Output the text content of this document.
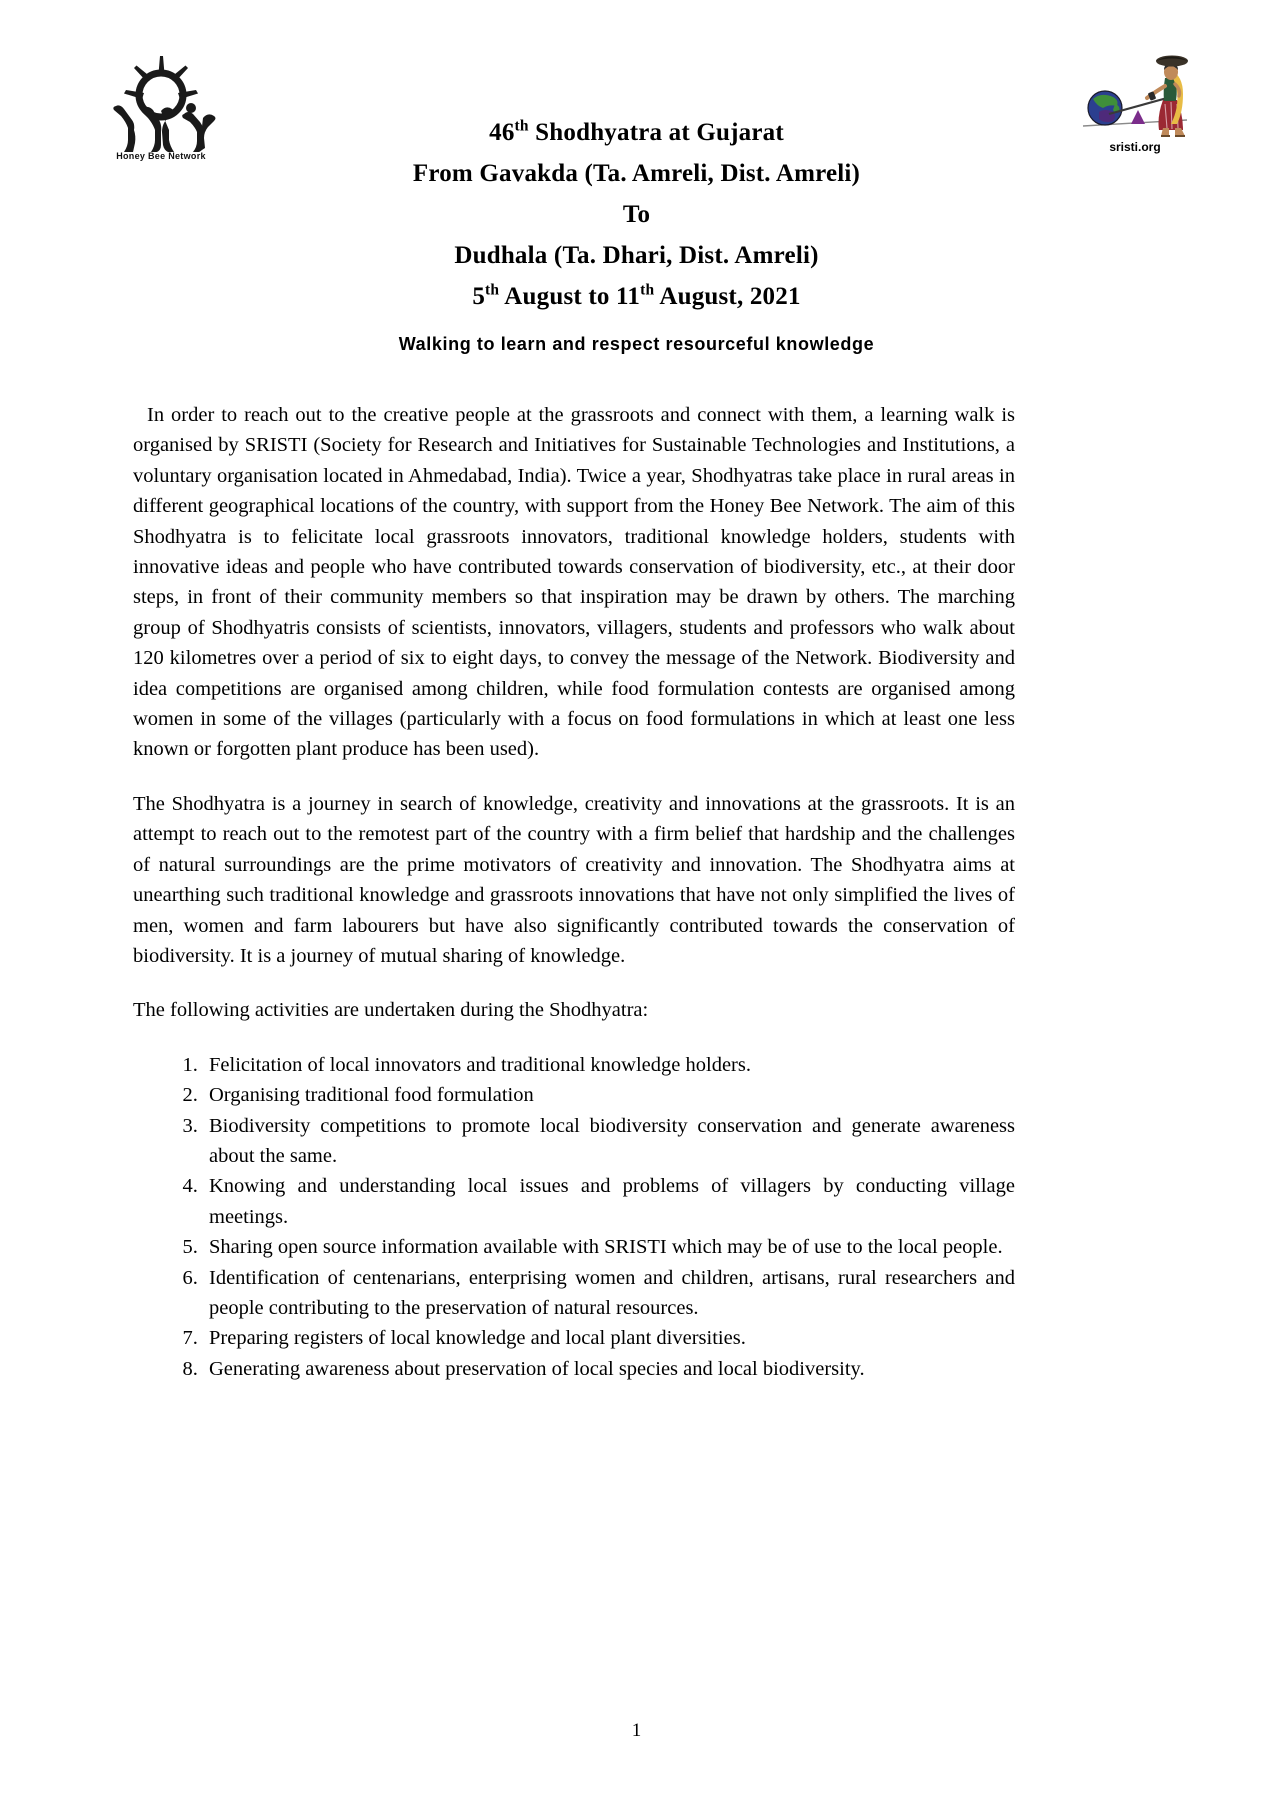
Honey Bee Network
sristi.org
46th Shodhyatra at Gujarat
From Gavakda (Ta. Amreli, Dist. Amreli)
To
Dudhala (Ta. Dhari, Dist. Amreli)
5th August to 11th August, 2021
Walking to learn and respect resourceful knowledge

In order to reach out to the creative people at the grassroots and connect with them, a learning walk is organised by SRISTI (Society for Research and Initiatives for Sustainable Technologies and Institutions, a voluntary organisation located in Ahmedabad, India). Twice a year, Shodhyatras take place in rural areas in different geographical locations of the country, with support from the Honey Bee Network. The aim of this Shodhyatra is to felicitate local grassroots innovators, traditional knowledge holders, students with innovative ideas and people who have contributed towards conservation of biodiversity, etc., at their door steps, in front of their community members so that inspiration may be drawn by others. The marching group of Shodhyatris consists of scientists, innovators, villagers, students and professors who walk about 120 kilometres over a period of six to eight days, to convey the message of the Network. Biodiversity and idea competitions are organised among children, while food formulation contests are organised among women in some of the villages (particularly with a focus on food formulations in which at least one less known or forgotten plant produce has been used).

The Shodhyatra is a journey in search of knowledge, creativity and innovations at the grassroots. It is an attempt to reach out to the remotest part of the country with a firm belief that hardship and the challenges of natural surroundings are the prime motivators of creativity and innovation. The Shodhyatra aims at unearthing such traditional knowledge and grassroots innovations that have not only simplified the lives of men, women and farm labourers but have also significantly contributed towards the conservation of biodiversity. It is a journey of mutual sharing of knowledge.

The following activities are undertaken during the Shodhyatra:

1. Felicitation of local innovators and traditional knowledge holders.
2. Organising traditional food formulation
3. Biodiversity competitions to promote local biodiversity conservation and generate awareness about the same.
4. Knowing and understanding local issues and problems of villagers by conducting village meetings.
5. Sharing open source information available with SRISTI which may be of use to the local people.
6. Identification of centenarians, enterprising women and children, artisans, rural researchers and people contributing to the preservation of natural resources.
7. Preparing registers of local knowledge and local plant diversities.
8. Generating awareness about preservation of local species and local biodiversity.
1
